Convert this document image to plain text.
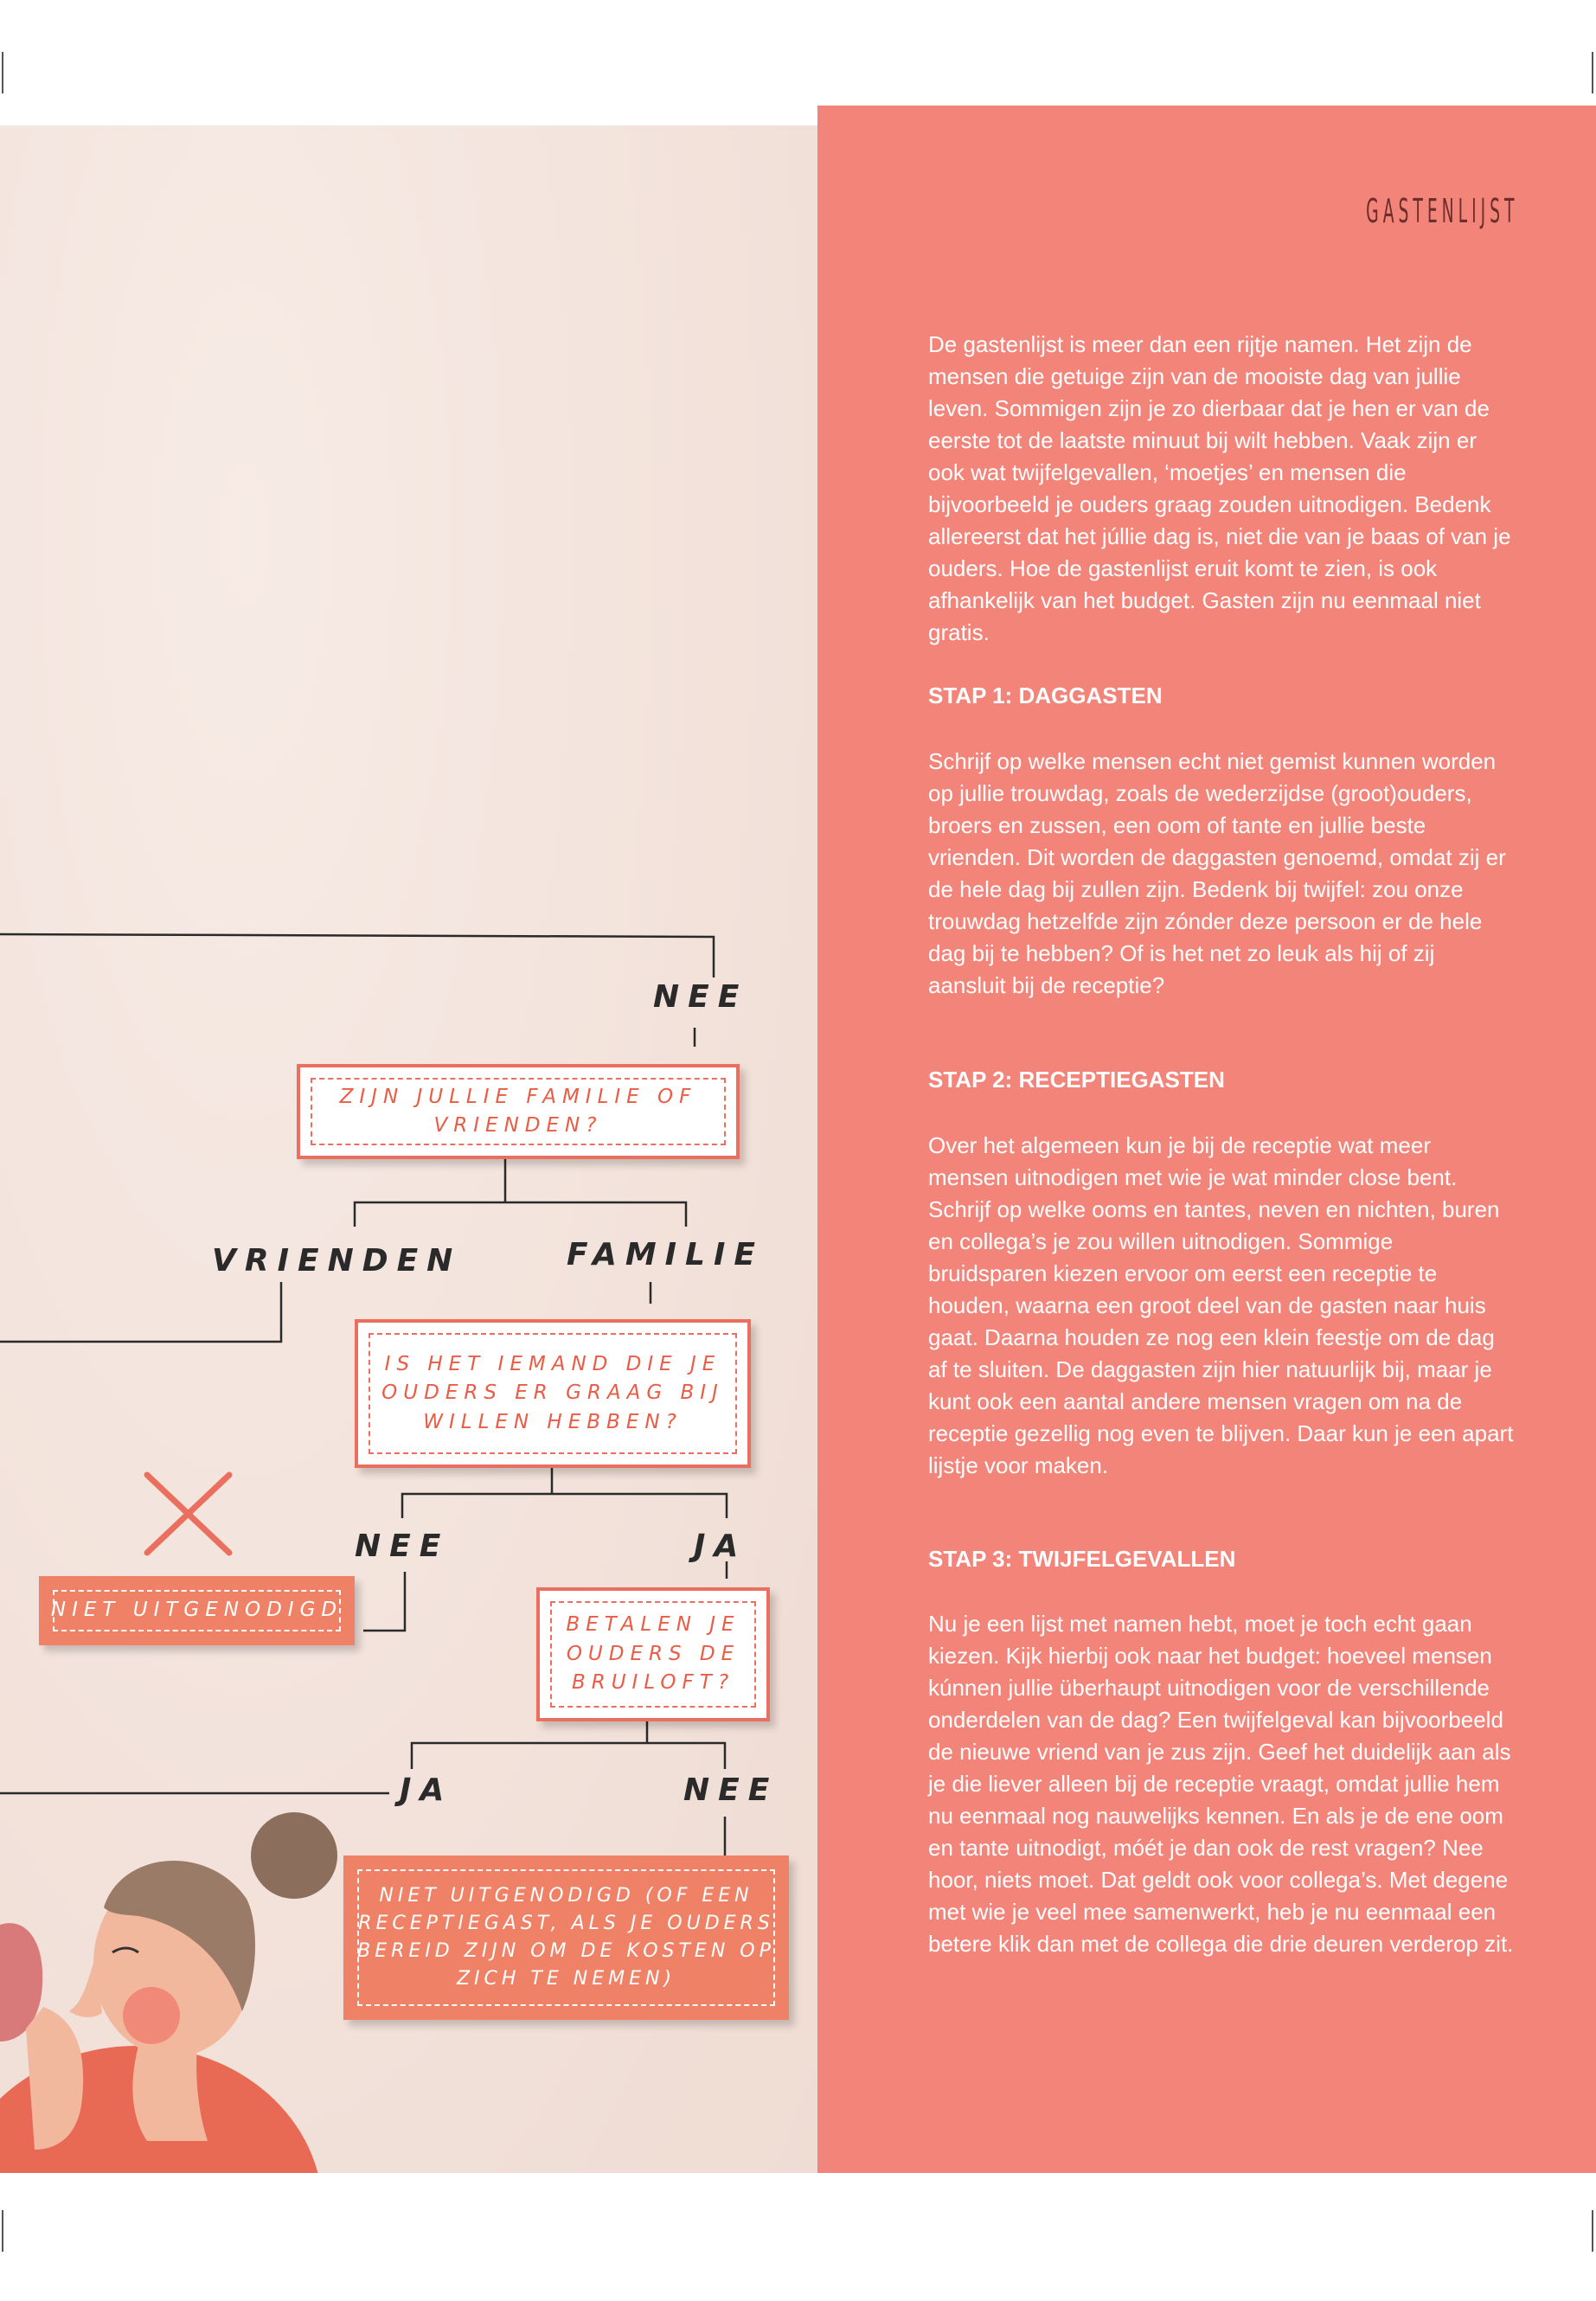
NEE
ZIJN JULLIE FAMILIE OF VRIENDEN?
VRIENDEN	FAMILIE
IS HET IEMAND DIE JE OUDERS ER GRAAG BIJ WILLEN HEBBEN?
NEE	JA
NIET UITGENODIGD
BETALEN JE OUDERS DE BRUILOFT?
JA	NEE
NIET UITGENODIGD (OF EEN RECEPTIEGAST, ALS JE OUDERS BEREID ZIJN OM DE KOSTEN OP ZICH TE NEMEN)
GASTENLIJST

De gastenlijst is meer dan een rijtje namen. Het zijn de mensen die getuige zijn van de mooiste dag van jullie leven. Sommigen zijn je zo dierbaar dat je hen er van de eerste tot de laatste minuut bij wilt hebben. Vaak zijn er ook wat twijfelgevallen, ‘moetjes’ en mensen die bijvoorbeeld je ouders graag zouden uitnodigen. Bedenk allereerst dat het júllie dag is, niet die van je baas of van je ouders. Hoe de gastenlijst eruit komt te zien, is ook afhankelijk van het budget. Gasten zijn nu eenmaal niet gratis.

STAP 1: DAGGASTEN

Schrijf op welke mensen echt niet gemist kunnen worden op jullie trouwdag, zoals de wederzijdse (groot)ouders, broers en zussen, een oom of tante en jullie beste vrienden. Dit worden de daggasten genoemd, omdat zij er de hele dag bij zullen zijn. Bedenk bij twijfel: zou onze trouwdag hetzelfde zijn zónder deze persoon er de hele dag bij te hebben? Of is het net zo leuk als hij of zij aansluit bij de receptie?

STAP 2: RECEPTIEGASTEN

Over het algemeen kun je bij de receptie wat meer mensen uitnodigen met wie je wat minder close bent. Schrijf op welke ooms en tantes, neven en nichten, buren en collega’s je zou willen uitnodigen. Sommige bruidsparen kiezen ervoor om eerst een receptie te houden, waarna een groot deel van de gasten naar huis gaat. Daarna houden ze nog een klein feestje om de dag af te sluiten. De daggasten zijn hier natuurlijk bij, maar je kunt ook een aantal andere mensen vragen om na de receptie gezellig nog even te blijven. Daar kun je een apart lijstje voor maken.

STAP 3: TWIJFELGEVALLEN

Nu je een lijst met namen hebt, moet je toch echt gaan kiezen. Kijk hierbij ook naar het budget: hoeveel mensen kúnnen jullie überhaupt uitnodigen voor de verschillende onderdelen van de dag? Een twijfelgeval kan bijvoorbeeld de nieuwe vriend van je zus zijn. Geef het duidelijk aan als je die liever alleen bij de receptie vraagt, omdat jullie hem nu eenmaal nog nauwelijks kennen. En als je de ene oom en tante uitnodigt, móét je dan ook de rest vragen? Nee hoor, niets moet. Dat geldt ook voor collega’s. Met degene met wie je veel mee samenwerkt, heb je nu eenmaal een betere klik dan met de collega die drie deuren verderop zit.
